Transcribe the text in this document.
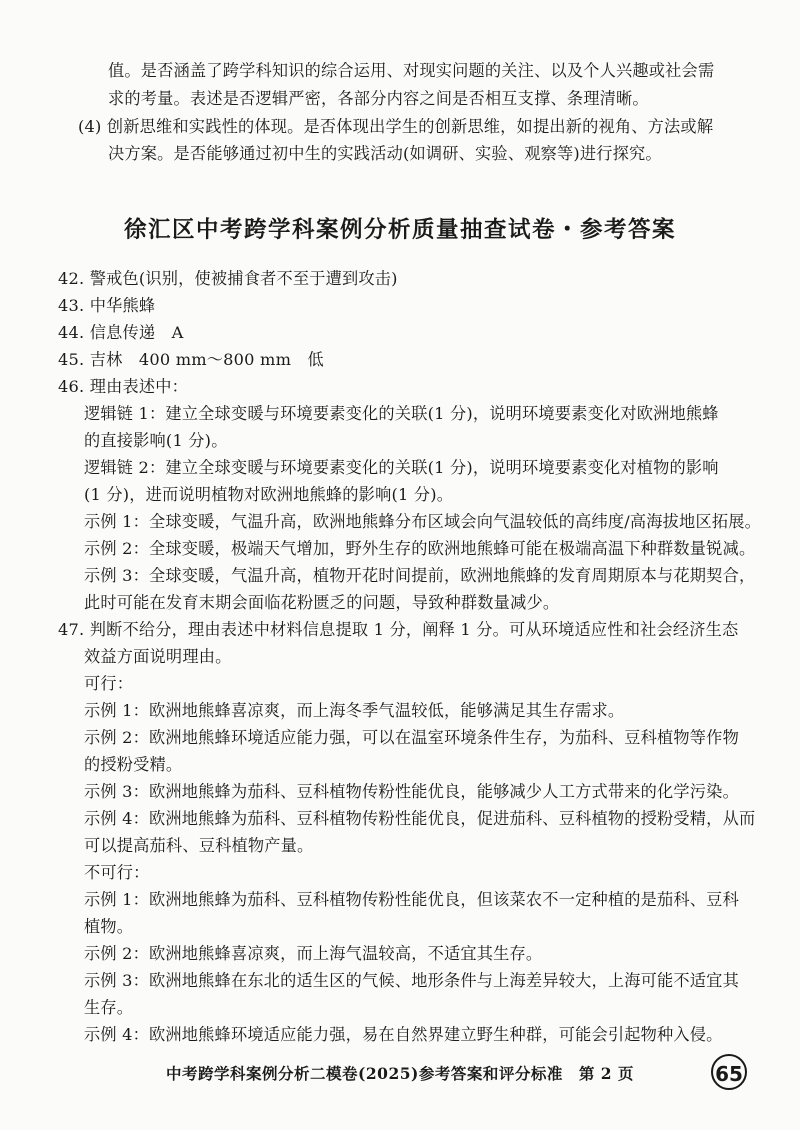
值。是否涵盖了跨学科知识的综合运用、对现实问题的关注、以及个人兴趣或社会需
求的考量。表述是否逻辑严密，各部分内容之间是否相互支撑、条理清晰。
(4) 创新思维和实践性的体现。是否体现出学生的创新思维，如提出新的视角、方法或解
决方案。是否能够通过初中生的实践活动(如调研、实验、观察等)进行探究。
徐汇区中考跨学科案例分析质量抽查试卷・参考答案
42. 警戒色(识别，使被捕食者不至于遭到攻击)
43. 中华熊蜂
44. 信息传递　A
45. 吉林　400 mm～800 mm　低
46. 理由表述中：
逻辑链 1：建立全球变暖与环境要素变化的关联(1 分)，说明环境要素变化对欧洲地熊蜂
的直接影响(1 分)。
逻辑链 2：建立全球变暖与环境要素变化的关联(1 分)，说明环境要素变化对植物的影响
(1 分)，进而说明植物对欧洲地熊蜂的影响(1 分)。
示例 1：全球变暖，气温升高，欧洲地熊蜂分布区域会向气温较低的高纬度/高海拔地区拓展。
示例 2：全球变暖，极端天气增加，野外生存的欧洲地熊蜂可能在极端高温下种群数量锐减。
示例 3：全球变暖，气温升高，植物开花时间提前，欧洲地熊蜂的发育周期原本与花期契合，
此时可能在发育末期会面临花粉匮乏的问题，导致种群数量减少。
47. 判断不给分，理由表述中材料信息提取 1 分，阐释 1 分。可从环境适应性和社会经济生态
效益方面说明理由。
可行：
示例 1：欧洲地熊蜂喜凉爽，而上海冬季气温较低，能够满足其生存需求。
示例 2：欧洲地熊蜂环境适应能力强，可以在温室环境条件生存，为茄科、豆科植物等作物
的授粉受精。
示例 3：欧洲地熊蜂为茄科、豆科植物传粉性能优良，能够减少人工方式带来的化学污染。
示例 4：欧洲地熊蜂为茄科、豆科植物传粉性能优良，促进茄科、豆科植物的授粉受精，从而
可以提高茄科、豆科植物产量。
不可行：
示例 1：欧洲地熊蜂为茄科、豆科植物传粉性能优良，但该菜农不一定种植的是茄科、豆科
植物。
示例 2：欧洲地熊蜂喜凉爽，而上海气温较高，不适宜其生存。
示例 3：欧洲地熊蜂在东北的适生区的气候、地形条件与上海差异较大，上海可能不适宜其
生存。
示例 4：欧洲地熊蜂环境适应能力强，易在自然界建立野生种群，可能会引起物种入侵。
中考跨学科案例分析二模卷(2025)参考答案和评分标准　第 2 页	65
